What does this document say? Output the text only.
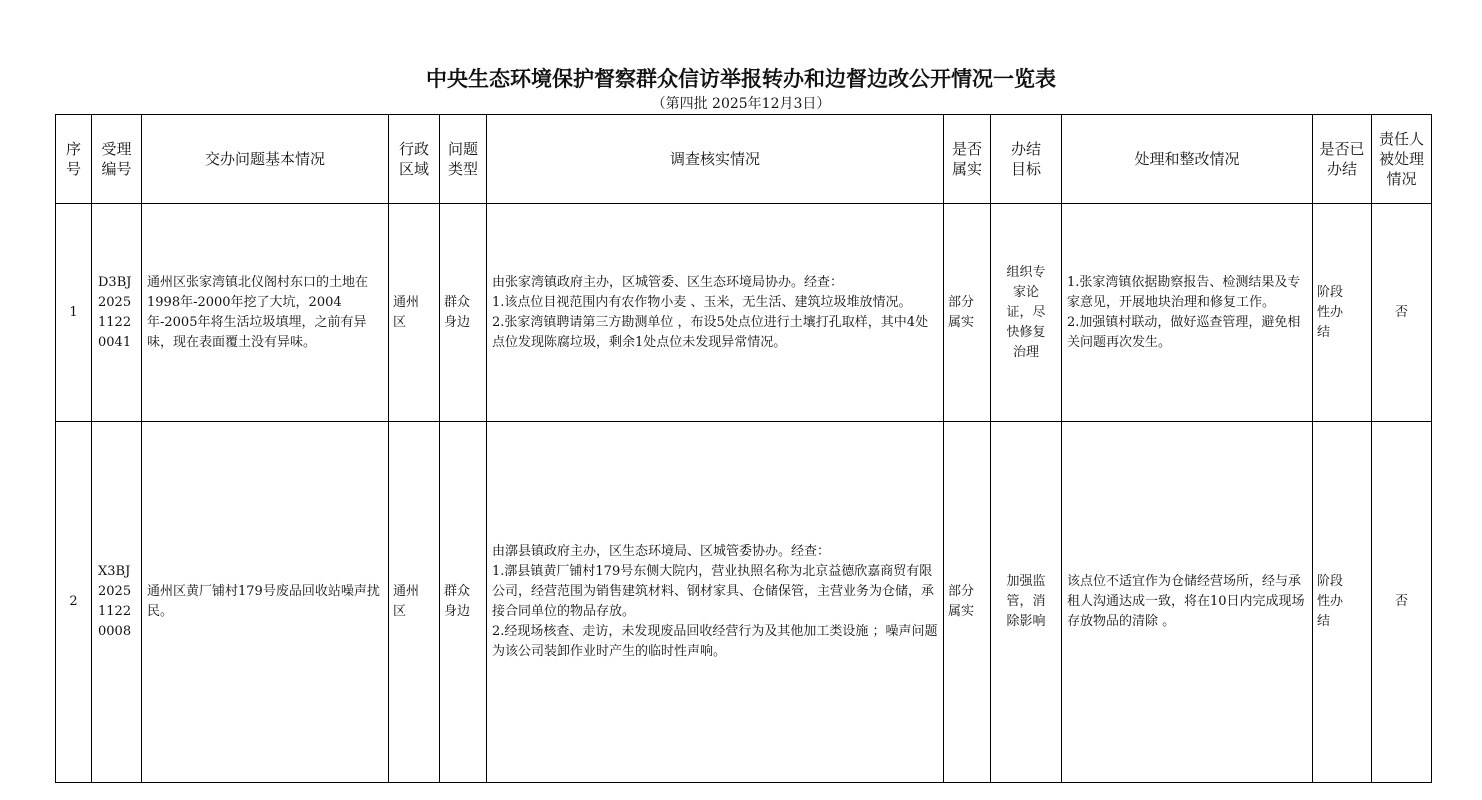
中央生态环境保护督察群众信访举报转办和边督边改公开情况一览表
（第四批 2025年12月3日）
序号	受理编号	交办问题基本情况	行政区域	问题类型	调查核实情况	是否属实	办结目标	处理和整改情况	是否已办结	责任人被处理情况
1	D3BJ20251122 0041	通州区张家湾镇北仪阁村东口的土地在1998年-2000年挖了大坑，2004年-2005年将生活垃圾填埋，之前有异味，现在表面覆土没有异味。	通州区	群众身边	由张家湾镇政府主办，区城管委、区生态环境局协办。经查：
1.该点位目视范围内有农作物小麦 、玉米，无生活、建筑垃圾堆放情况。
2.张家湾镇聘请第三方勘测单位 ，布设5处点位进行土壤打孔取样，其中4处点位发现陈腐垃圾，剩余1处点位未发现异常情况。	部分属实	组织专家论证，尽快修复治理	1.张家湾镇依据勘察报告、检测结果及专家意见，开展地块治理和修复工作。
2.加强镇村联动，做好巡查管理，避免相关问题再次发生。	阶段性办结	否
2	X3BJ20251122 0008	通州区黄厂铺村179号废品回收站噪声扰民。	通州区	群众身边	由漷县镇政府主办，区生态环境局、区城管委协办。经查：
1.漷县镇黄厂铺村179号东侧大院内，营业执照名称为北京益德欣嘉商贸有限公司，经营范围为销售建筑材料、钢材家具、仓储保管，主营业务为仓储，承接合同单位的物品存放。
2.经现场核查、走访，未发现废品回收经营行为及其他加工类设施 ；噪声问题为该公司装卸作业时产生的临时性声响。	部分属实	加强监管，消除影响	该点位不适宜作为仓储经营场所，经与承租人沟通达成一致，将在10日内完成现场存放物品的清除 。	阶段性办结	否
